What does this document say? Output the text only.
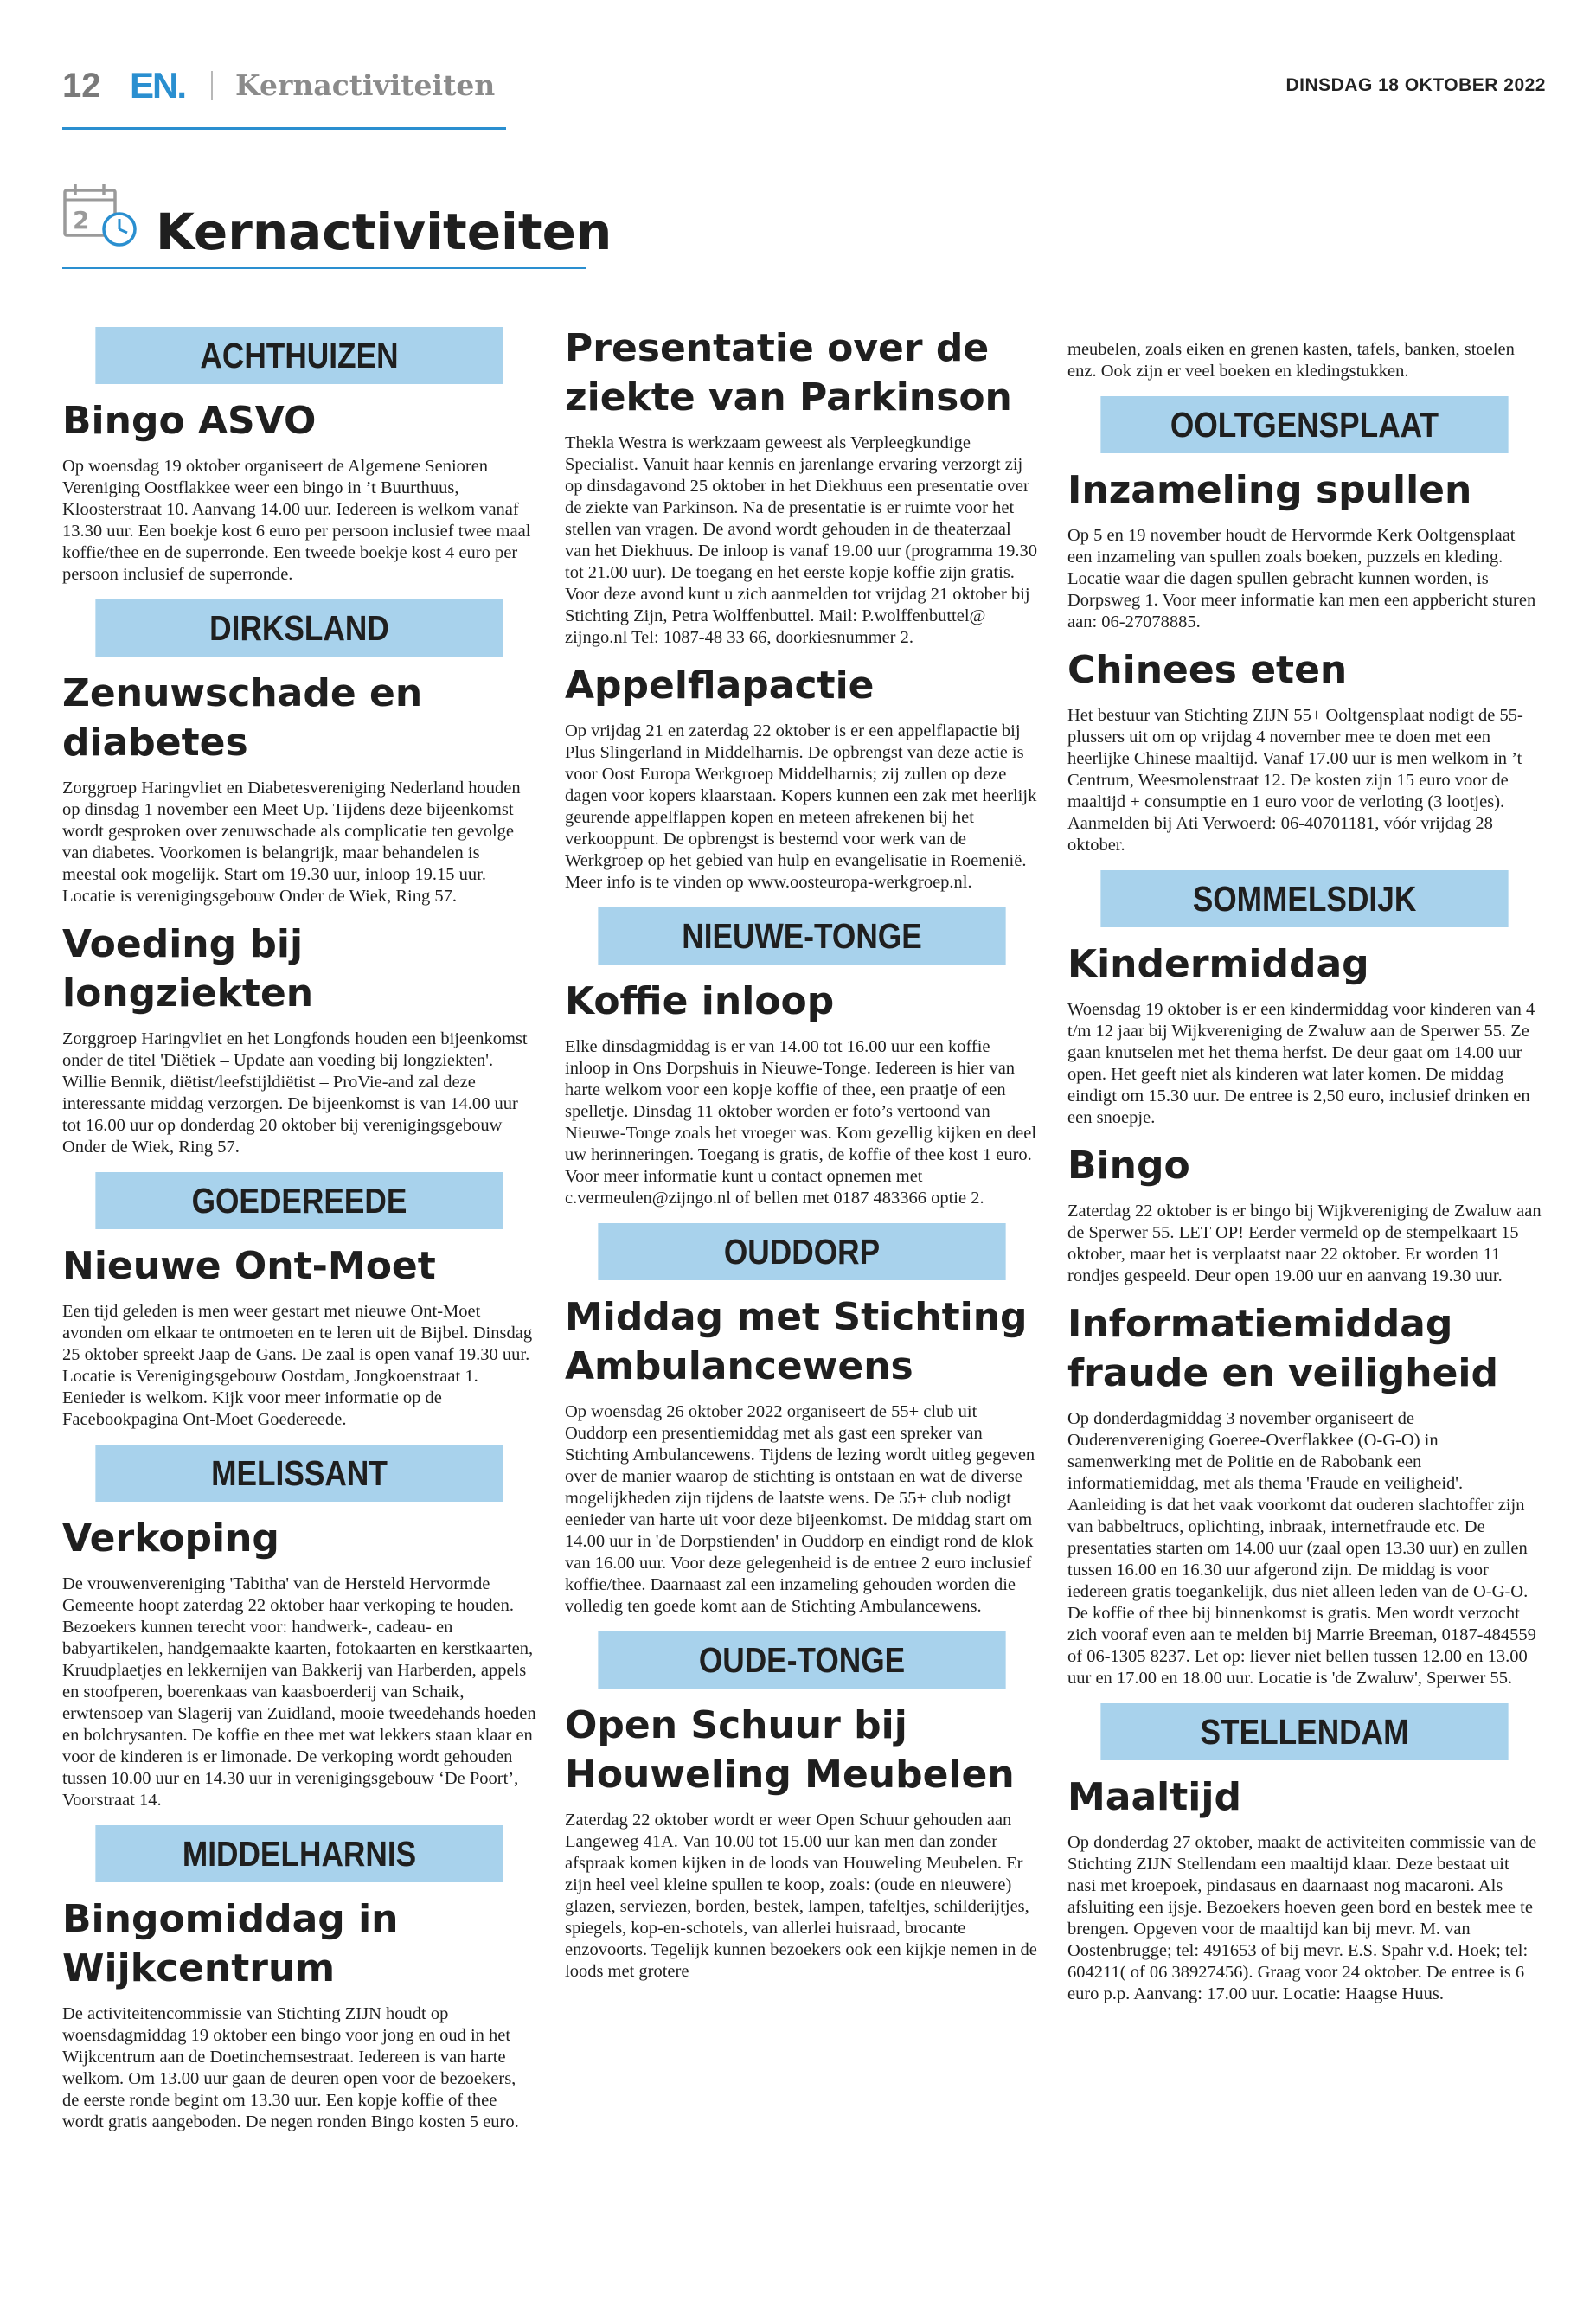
12 EN. Kernactiviteiten	DINSDAG 18 OKTOBER 2022
2 Kernactiviteiten
ACHTHUIZEN
Bingo ASVO

Op woensdag 19 oktober organiseert de Algemene Senioren Vereniging Oostflakkee weer een bingo in ’t Buurthuus, Kloosterstraat 10. Aanvang 14.00 uur. Iedereen is welkom vanaf 13.30 uur. Een boekje kost 6 euro per persoon inclusief twee maal koffie/thee en de superronde. Een tweede boekje kost 4 euro per persoon inclusief de superronde.

DIRKSLAND
Zenuwschade en diabetes

Zorggroep Haringvliet en Diabetesvereniging Nederland houden op dinsdag 1 november een Meet Up. Tijdens deze bijeenkomst wordt gesproken over zenuwschade als complicatie ten gevolge van diabetes. Voorkomen is belangrijk, maar behandelen is meestal ook mogelijk. Start om 19.30 uur, inloop 19.15 uur. Locatie is verenigingsgebouw Onder de Wiek, Ring 57.

Voeding bij longziekten

Zorggroep Haringvliet en het Longfonds houden een bijeenkomst onder de titel 'Diëtiek – Update aan voeding bij longziekten'. Willie Bennik, diëtist/leefstijldiëtist – ProVie-and zal deze interessante middag verzorgen. De bijeenkomst is van 14.00 uur tot 16.00 uur op donderdag 20 oktober bij verenigingsgebouw Onder de Wiek, Ring 57.

GOEDEREEDE
Nieuwe Ont-Moet

Een tijd geleden is men weer gestart met nieuwe Ont-Moet avonden om elkaar te ontmoeten en te leren uit de Bijbel. Dinsdag 25 oktober spreekt Jaap de Gans. De zaal is open vanaf 19.30 uur. Locatie is Verenigingsgebouw Oostdam, Jongkoenstraat 1. Eenieder is welkom. Kijk voor meer informatie op de Facebookpagina Ont-Moet Goedereede.

MELISSANT
Verkoping

De vrouwenvereniging 'Tabitha' van de Hersteld Hervormde Gemeente hoopt zaterdag 22 oktober haar verkoping te houden. Bezoekers kunnen terecht voor: handwerk-, cadeau- en babyartikelen, handgemaakte kaarten, fotokaarten en kerstkaarten, Kruudplaetjes en lekkernijen van Bakkerij van Harberden, appels en stoofperen, boerenkaas van kaasboerderij van Schaik, erwtensoep van Slagerij van Zuidland, mooie tweedehands hoeden en bolchrysanten. De koffie en thee met wat lekkers staan klaar en voor de kinderen is er limonade. De verkoping wordt gehouden tussen 10.00 uur en 14.30 uur in verenigingsgebouw ‘De Poort’, Voorstraat 14.

MIDDELHARNIS
Bingomiddag in Wijkcentrum

De activiteitencommissie van Stichting ZIJN houdt op woensdagmiddag 19 oktober een bingo voor jong en oud in het Wijkcentrum aan de Doetinchemsestraat. Iedereen is van harte welkom. Om 13.00 uur gaan de deuren open voor de bezoekers, de eerste ronde begint om 13.30 uur. Een kopje koffie of thee wordt gratis aangeboden. De negen ronden Bingo kosten 5 euro.

Presentatie over de ziekte van Parkinson

Thekla Westra is werkzaam geweest als Verpleegkundige Specialist. Vanuit haar kennis en jarenlange ervaring verzorgt zij op dinsdagavond 25 oktober in het Diekhuus een presentatie over de ziekte van Parkinson. Na de presentatie is er ruimte voor het stellen van vragen. De avond wordt gehouden in de theaterzaal van het Diekhuus. De inloop is vanaf 19.00 uur (programma 19.30 tot 21.00 uur). De toegang en het eerste kopje koffie zijn gratis. Voor deze avond kunt u zich aanmelden tot vrijdag 21 oktober bij Stichting Zijn, Petra Wolffenbuttel. Mail: P.wolffenbuttel@ zijngo.nl Tel: 1087-48 33 66, doorkiesnummer 2.

Appelflapactie

Op vrijdag 21 en zaterdag 22 oktober is er een appelflapactie bij Plus Slingerland in Middelharnis. De opbrengst van deze actie is voor Oost Europa Werkgroep Middelharnis; zij zullen op deze dagen voor kopers klaarstaan. Kopers kunnen een zak met heerlijk geurende appelflappen kopen en meteen afrekenen bij het verkooppunt. De opbrengst is bestemd voor werk van de Werkgroep op het gebied van hulp en evangelisatie in Roemenië. Meer info is te vinden op www.oosteuropa-werkgroep.nl.

NIEUWE-TONGE
Koffie inloop

Elke dinsdagmiddag is er van 14.00 tot 16.00 uur een koffie inloop in Ons Dorpshuis in Nieuwe-Tonge. Iedereen is hier van harte welkom voor een kopje koffie of thee, een praatje of een spelletje. Dinsdag 11 oktober worden er foto’s vertoond van Nieuwe-Tonge zoals het vroeger was. Kom gezellig kijken en deel uw herinneringen. Toegang is gratis, de koffie of thee kost 1 euro. Voor meer informatie kunt u contact opnemen met c.vermeulen@zijngo.nl of bellen met 0187 483366 optie 2.

OUDDORP
Middag met Stichting Ambulancewens

Op woensdag 26 oktober 2022 organiseert de 55+ club uit Ouddorp een presentiemiddag met als gast een spreker van Stichting Ambulancewens. Tijdens de lezing wordt uitleg gegeven over de manier waarop de stichting is ontstaan en wat de diverse mogelijkheden zijn tijdens de laatste wens. De 55+ club nodigt eenieder van harte uit voor deze bijeenkomst. De middag start om 14.00 uur in 'de Dorpstienden' in Ouddorp en eindigt rond de klok van 16.00 uur. Voor deze gelegenheid is de entree 2 euro inclusief koffie/thee. Daarnaast zal een inzameling gehouden worden die volledig ten goede komt aan de Stichting Ambulancewens.

OUDE-TONGE
Open Schuur bij Houweling Meubelen

Zaterdag 22 oktober wordt er weer Open Schuur gehouden aan Langeweg 41A. Van 10.00 tot 15.00 uur kan men dan zonder afspraak komen kijken in de loods van Houweling Meubelen. Er zijn heel veel kleine spullen te koop, zoals: (oude en nieuwere) glazen, serviezen, borden, bestek, lampen, tafeltjes, schilderijtjes, spiegels, kop-en-schotels, van allerlei huisraad, brocante enzovoorts. Tegelijk kunnen bezoekers ook een kijkje nemen in de loods met grotere

meubelen, zoals eiken en grenen kasten, tafels, banken, stoelen enz. Ook zijn er veel boeken en kledingstukken.

OOLTGENSPLAAT
Inzameling spullen

Op 5 en 19 november houdt de Hervormde Kerk Ooltgensplaat een inzameling van spullen zoals boeken, puzzels en kleding. Locatie waar die dagen spullen gebracht kunnen worden, is Dorpsweg 1. Voor meer informatie kan men een appbericht sturen aan: 06-27078885.

Chinees eten

Het bestuur van Stichting ZIJN 55+ Ooltgensplaat nodigt de 55-plussers uit om op vrijdag 4 november mee te doen met een heerlijke Chinese maaltijd. Vanaf 17.00 uur is men welkom in ’t Centrum, Weesmolenstraat 12. De kosten zijn 15 euro voor de maaltijd + consumptie en 1 euro voor de verloting (3 lootjes). Aanmelden bij Ati Verwoerd: 06-40701181, vóór vrijdag 28 oktober.

SOMMELSDIJK
Kindermiddag

Woensdag 19 oktober is er een kindermiddag voor kinderen van 4 t/m 12 jaar bij Wijkvereniging de Zwaluw aan de Sperwer 55. Ze gaan knutselen met het thema herfst. De deur gaat om 14.00 uur open. Het geeft niet als kinderen wat later komen. De middag eindigt om 15.30 uur. De entree is 2,50 euro, inclusief drinken en een snoepje.

Bingo

Zaterdag 22 oktober is er bingo bij Wijkvereniging de Zwaluw aan de Sperwer 55. LET OP! Eerder vermeld op de stempelkaart 15 oktober, maar het is verplaatst naar 22 oktober. Er worden 11 rondjes gespeeld. Deur open 19.00 uur en aanvang 19.30 uur.

Informatiemiddag fraude en veiligheid

Op donderdagmiddag 3 november organiseert de Ouderenvereniging Goeree-Overflakkee (O-G-O) in samenwerking met de Politie en de Rabobank een informatiemiddag, met als thema 'Fraude en veiligheid'. Aanleiding is dat het vaak voorkomt dat ouderen slachtoffer zijn van babbeltrucs, oplichting, inbraak, internetfraude etc. De presentaties starten om 14.00 uur (zaal open 13.30 uur) en zullen tussen 16.00 en 16.30 uur afgerond zijn. De middag is voor iedereen gratis toegankelijk, dus niet alleen leden van de O-G-O. De koffie of thee bij binnenkomst is gratis. Men wordt verzocht zich vooraf even aan te melden bij Marrie Breeman, 0187-484559 of 06-1305 8237. Let op: liever niet bellen tussen 12.00 en 13.00 uur en 17.00 en 18.00 uur. Locatie is 'de Zwaluw', Sperwer 55.

STELLENDAM
Maaltijd

Op donderdag 27 oktober, maakt de activiteiten commissie van de Stichting ZIJN Stellendam een maaltijd klaar. Deze bestaat uit nasi met kroepoek, pindasaus en daarnaast nog macaroni. Als afsluiting een ijsje. Bezoekers hoeven geen bord en bestek mee te brengen. Opgeven voor de maaltijd kan bij mevr. M. van Oostenbrugge; tel: 491653 of bij mevr. E.S. Spahr v.d. Hoek; tel: 604211( of 06 38927456). Graag voor 24 oktober. De entree is 6 euro p.p. Aanvang: 17.00 uur. Locatie: Haagse Huus.
